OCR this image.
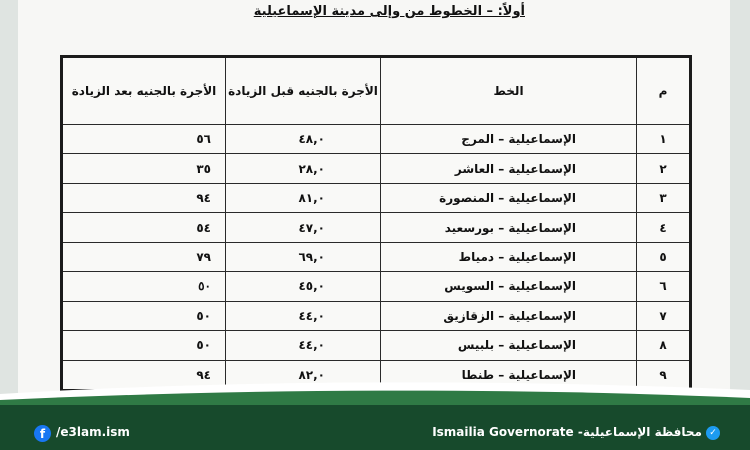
أولاً: – الخطوط من وإلى مدينة الإسماعيلية
م	الخط	الأجرة بالجنيه قبل الزيادة	الأجرة بالجنيه بعد الزيادة
١	الإسماعيلية – المرج	٤٨,٠	٥٦
٢	الإسماعيلية – العاشر	٢٨,٠	٣٥
٣	الإسماعيلية – المنصورة	٨١,٠	٩٤
٤	الإسماعيلية – بورسعيد	٤٧,٠	٥٤
٥	الإسماعيلية – دمياط	٦٩,٠	٧٩
٦	الإسماعيلية – السويس	٤٥,٠	٥٠
٧	الإسماعيلية – الزقازيق	٤٤,٠	٥٠
٨	الإسماعيلية – بلبيس	٤٤,٠	٥٠
٩	الإسماعيلية – طنطا	٨٢,٠	٩٤
f /e3lam.ism	محافظة الإسماعيلية- Ismailia Governorate ✓
